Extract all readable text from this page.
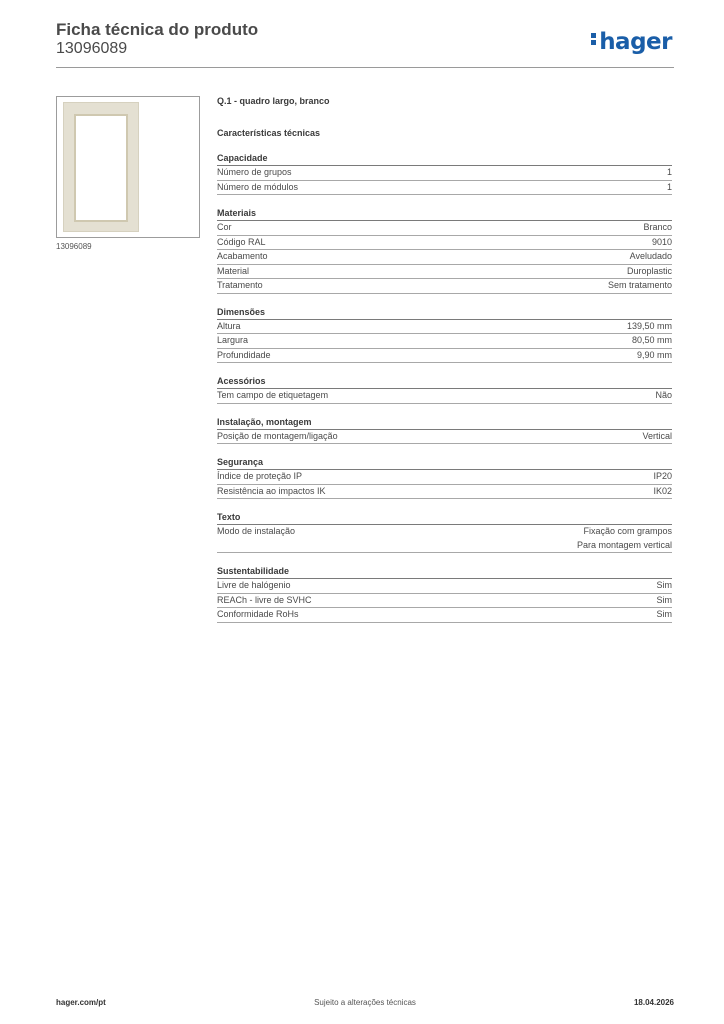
Ficha técnica do produto
13096089	hager
13096089
Q.1 - quadro largo, branco
Características técnicas
Capacidade
Número de grupos	1
Número de módulos	1
Materiais
Cor	Branco
Código RAL	9010
Acabamento	Aveludado
Material	Duroplastic
Tratamento	Sem tratamento
Dimensões
Altura	139,50 mm
Largura	80,50 mm
Profundidade	9,90 mm
Acessórios
Tem campo de etiquetagem	Não
Instalação, montagem
Posição de montagem/ligação	Vertical
Segurança
Índice de proteção IP	IP20
Resistência ao impactos IK	IK02
Texto
Modo de instalação	Fixação com grampos
Para montagem vertical
Sustentabilidade
Livre de halógenio	Sim
REACh - livre de SVHC	Sim
Conformidade RoHs	Sim
hager.com/pt	Sujeito a alterações técnicas	18.04.2026
